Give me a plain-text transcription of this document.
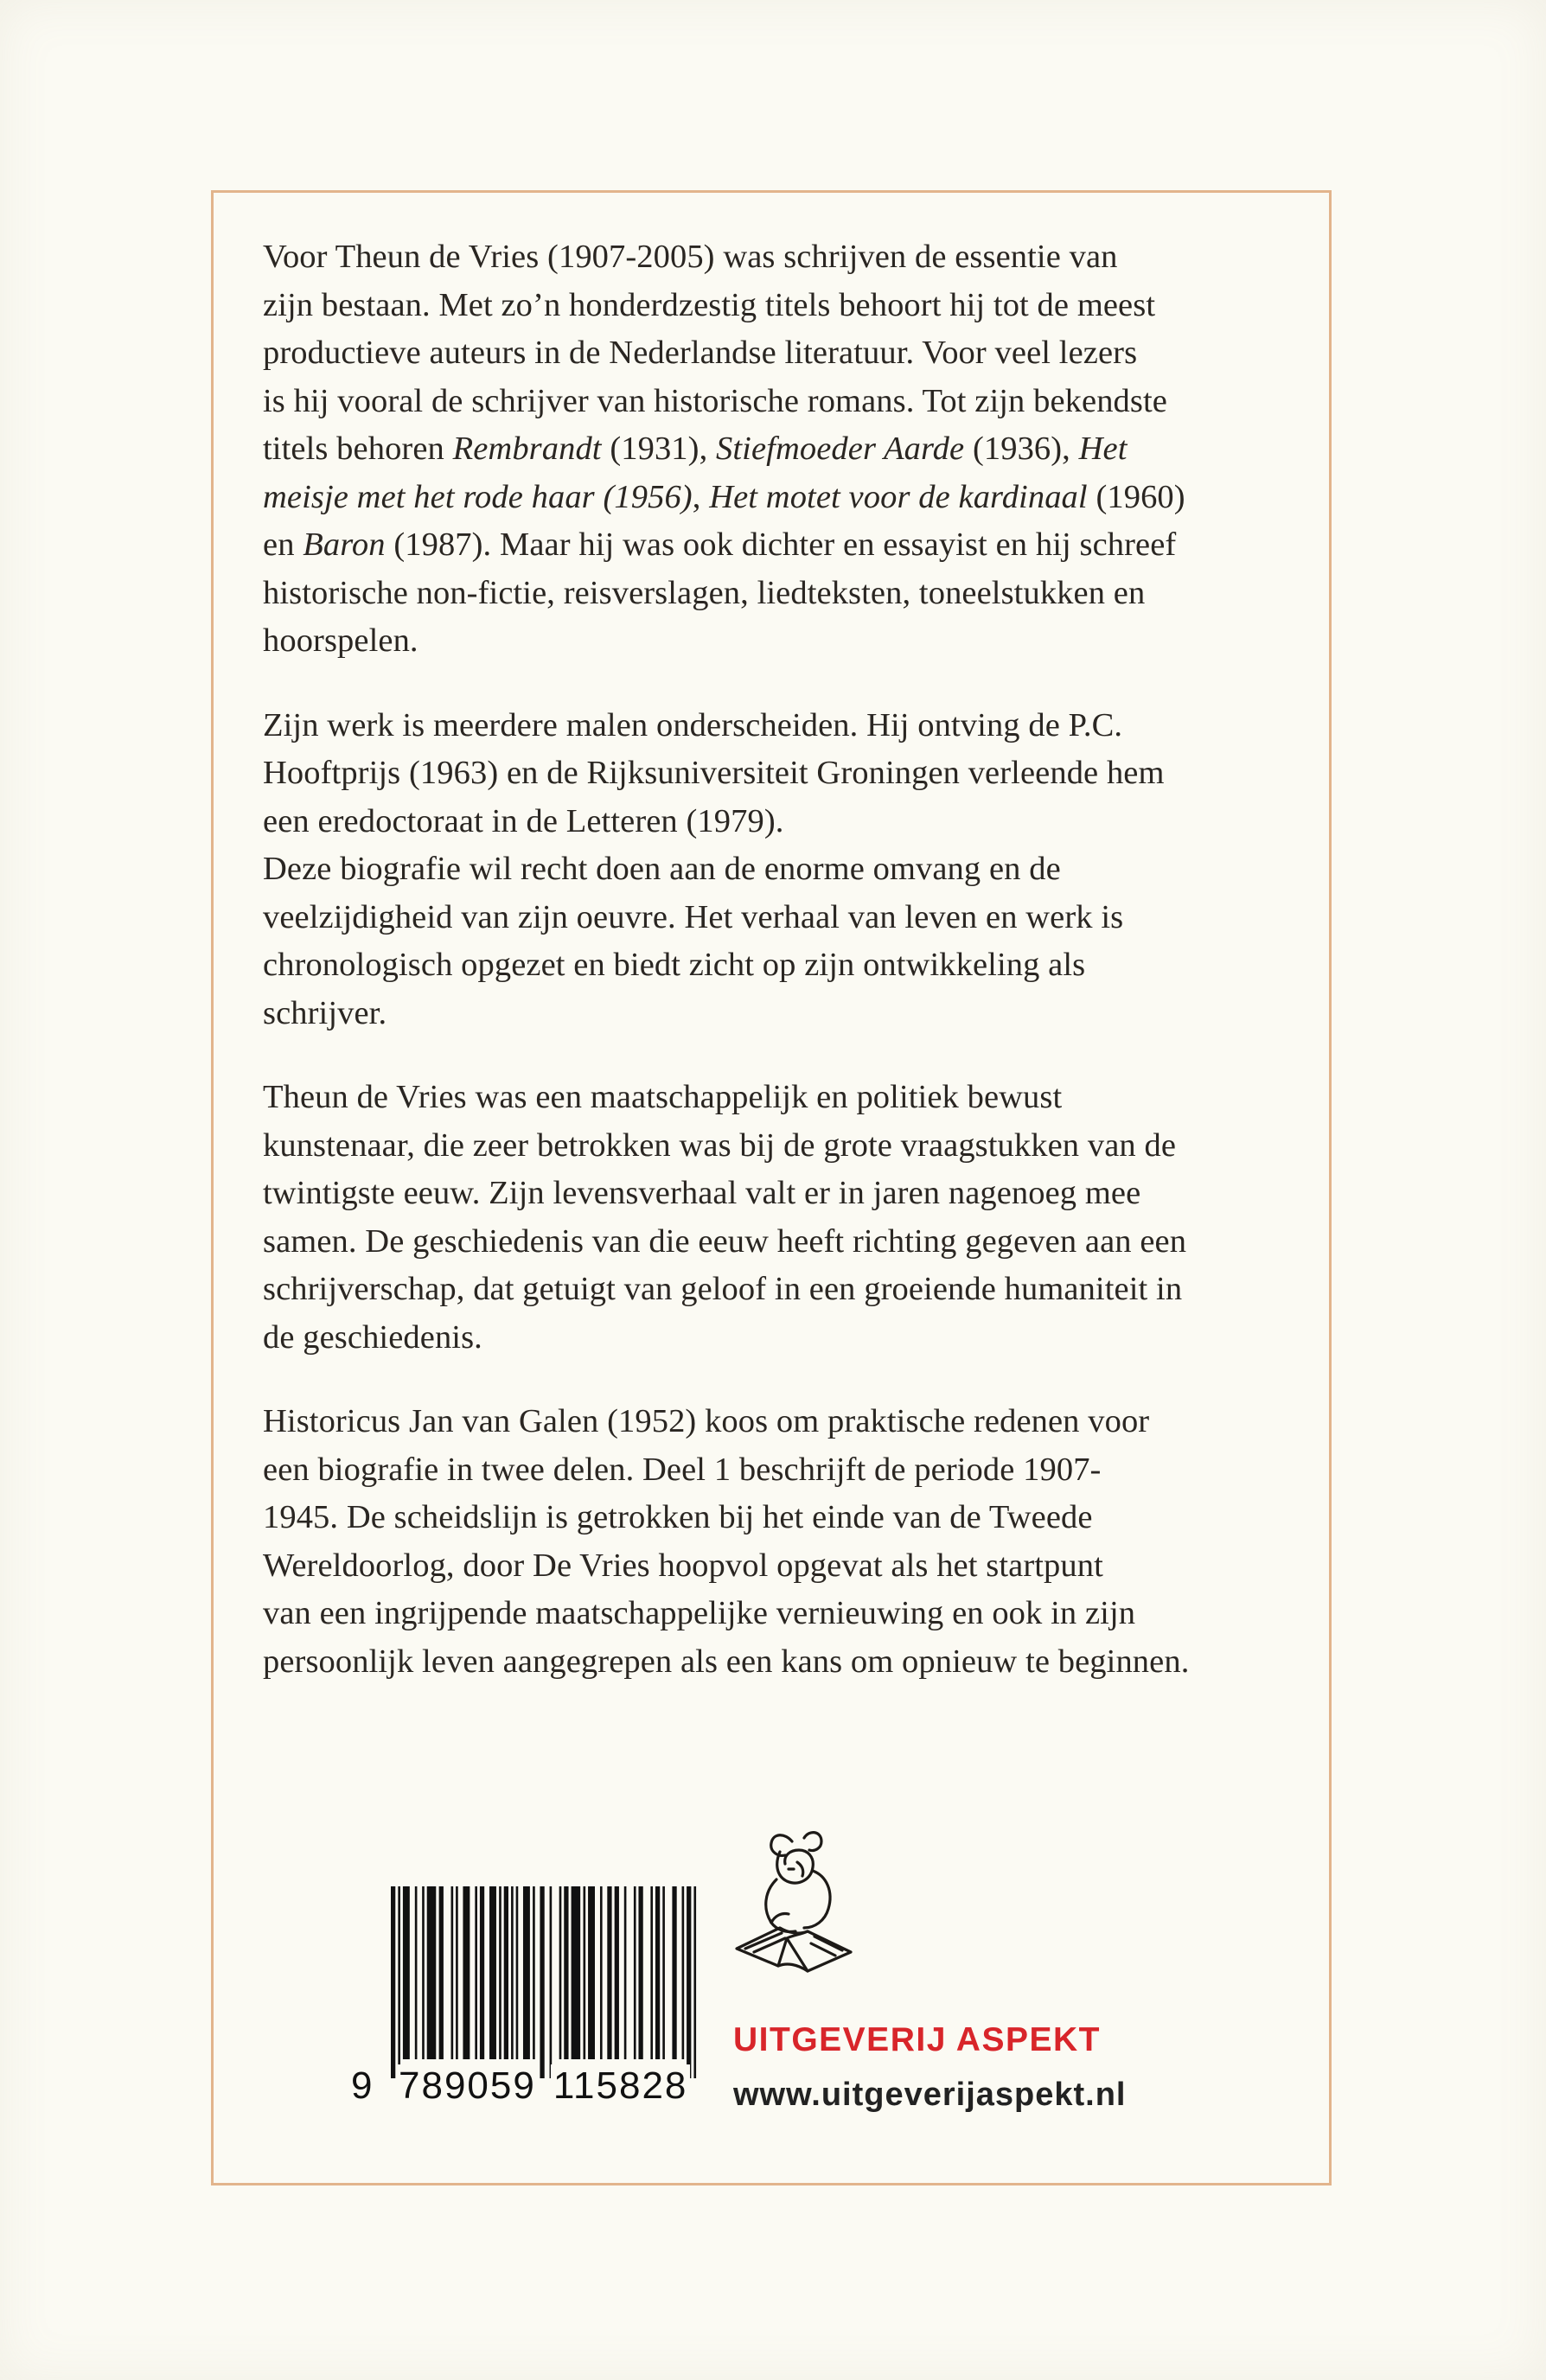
Voor Theun de Vries (1907-2005) was schrijven de essentie van
zijn bestaan. Met zo’n honderdzestig titels behoort hij tot de meest
productieve auteurs in de Nederlandse literatuur. Voor veel lezers
is hij vooral de schrijver van historische romans. Tot zijn bekendste
titels behoren Rembrandt (1931), Stiefmoeder Aarde (1936), Het
meisje met het rode haar (1956), Het motet voor de kardinaal (1960)
en Baron (1987). Maar hij was ook dichter en essayist en hij schreef
historische non-fictie, reisverslagen, liedteksten, toneelstukken en
hoorspelen.

Zijn werk is meerdere malen onderscheiden. Hij ontving de P.C.
Hooftprijs (1963) en de Rijksuniversiteit Groningen verleende hem
een eredoctoraat in de Letteren (1979).

Deze biografie wil recht doen aan de enorme omvang en de
veelzijdigheid van zijn oeuvre. Het verhaal van leven en werk is
chronologisch opgezet en biedt zicht op zijn ontwikkeling als
schrijver.

Theun de Vries was een maatschappelijk en politiek bewust
kunstenaar, die zeer betrokken was bij de grote vraagstukken van de
twintigste eeuw. Zijn levensverhaal valt er in jaren nagenoeg mee
samen. De geschiedenis van die eeuw heeft richting gegeven aan een
schrijverschap, dat getuigt van geloof in een groeiende humaniteit in
de geschiedenis.

Historicus Jan van Galen (1952) koos om praktische redenen voor
een biografie in twee delen. Deel 1 beschrijft de periode 1907-
1945. De scheidslijn is getrokken bij het einde van de Tweede
Wereldoorlog, door De Vries hoopvol opgevat als het startpunt
van een ingrijpende maatschappelijke vernieuwing en ook in zijn
persoonlijk leven aangegrepen als een kans om opnieuw te beginnen.

9 789059 115828
UITGEVERIJ ASPEKT
www.uitgeverijaspekt.nl
